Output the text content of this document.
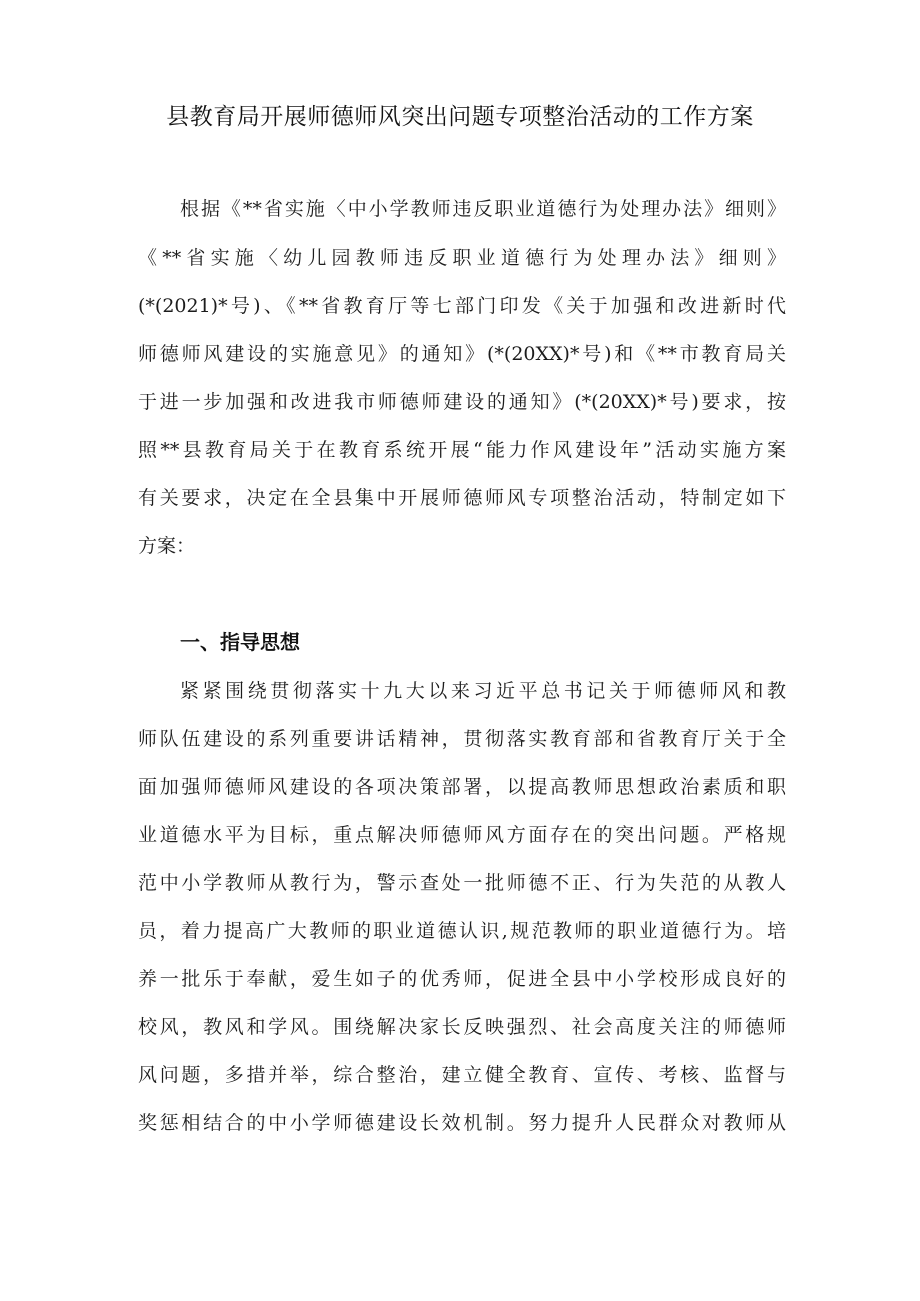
县教育局开展师德师风突出问题专项整治活动的工作方案
根据《**省实施〈中小学教师违反职业道德行为处理办法》细则》
《**省实施〈幼儿园教师违反职业道德行为处理办法》细则》
(*(2021)*号)、《**省教育厅等七部门印发《关于加强和改进新时代
师德师风建设的实施意见》的通知》(*(20XX)*号)和《**市教育局关
于进一步加强和改进我市师德师建设的通知》(*(20XX)*号)要求，按
照**县教育局关于在教育系统开展“能力作风建设年”活动实施方案
有关要求，决定在全县集中开展师德师风专项整治活动，特制定如下
方案：
一、指导思想
紧紧围绕贯彻落实十九大以来习近平总书记关于师德师风和教
师队伍建设的系列重要讲话精神，贯彻落实教育部和省教育厅关于全
面加强师德师风建设的各项决策部署，以提高教师思想政治素质和职
业道德水平为目标，重点解决师德师风方面存在的突出问题。严格规
范中小学教师从教行为，警示查处一批师德不正、行为失范的从教人
员，着力提高广大教师的职业道德认识,规范教师的职业道德行为。培
养一批乐于奉献，爱生如子的优秀师，促进全县中小学校形成良好的
校风，教风和学风。围绕解决家长反映强烈、社会高度关注的师德师
风问题，多措并举，综合整治，建立健全教育、宣传、考核、监督与
奖惩相结合的中小学师德建设长效机制。努力提升人民群众对教师从
